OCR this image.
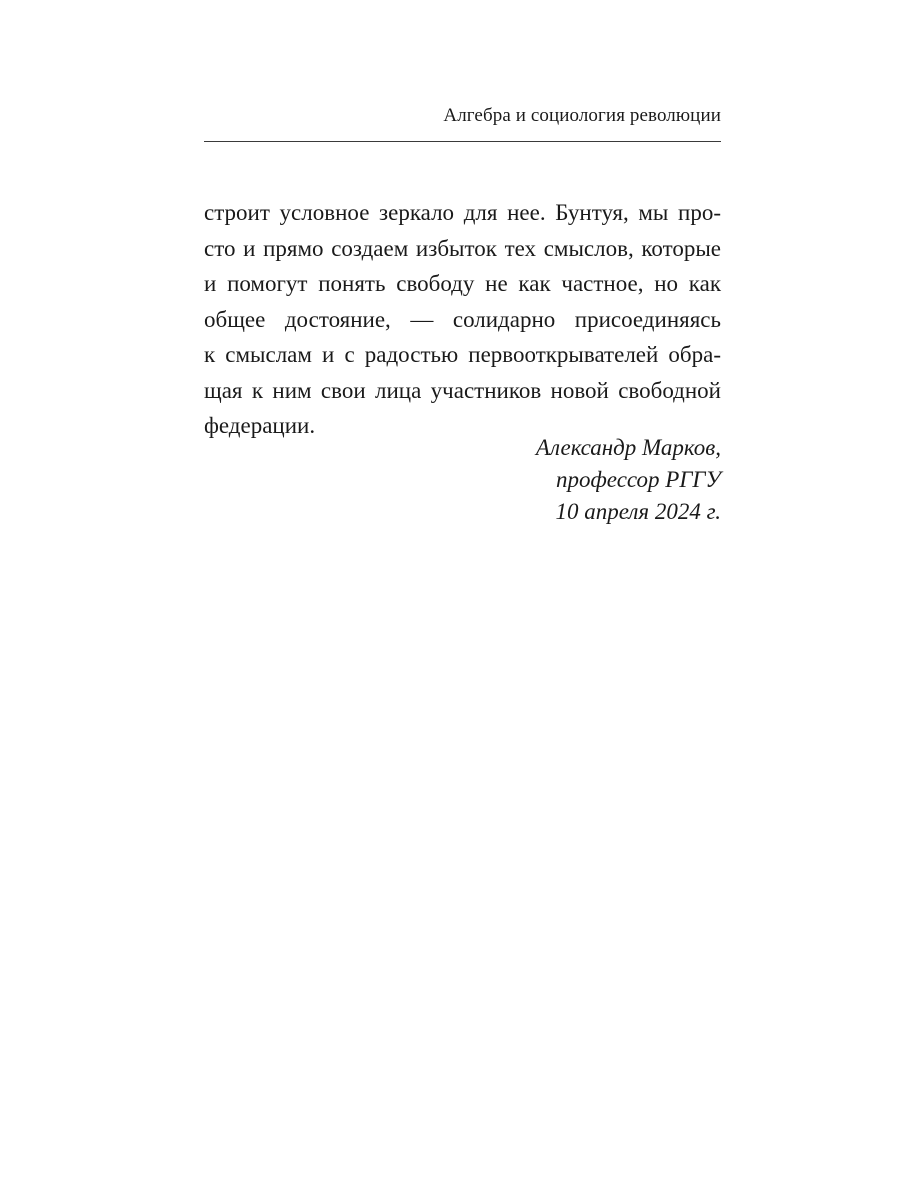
Алгебра и социология революции
строит условное зеркало для нее. Бунтуя, мы про-
сто и прямо создаем избыток тех смыслов, которые
и помогут понять свободу не как частное, но как
общее достояние, — солидарно присоединяясь
к смыслам и с радостью первооткрывателей обра-
щая к ним свои лица участников новой свободной
федерации.
Александр Марков,
профессор РГГУ
10 апреля 2024 г.
